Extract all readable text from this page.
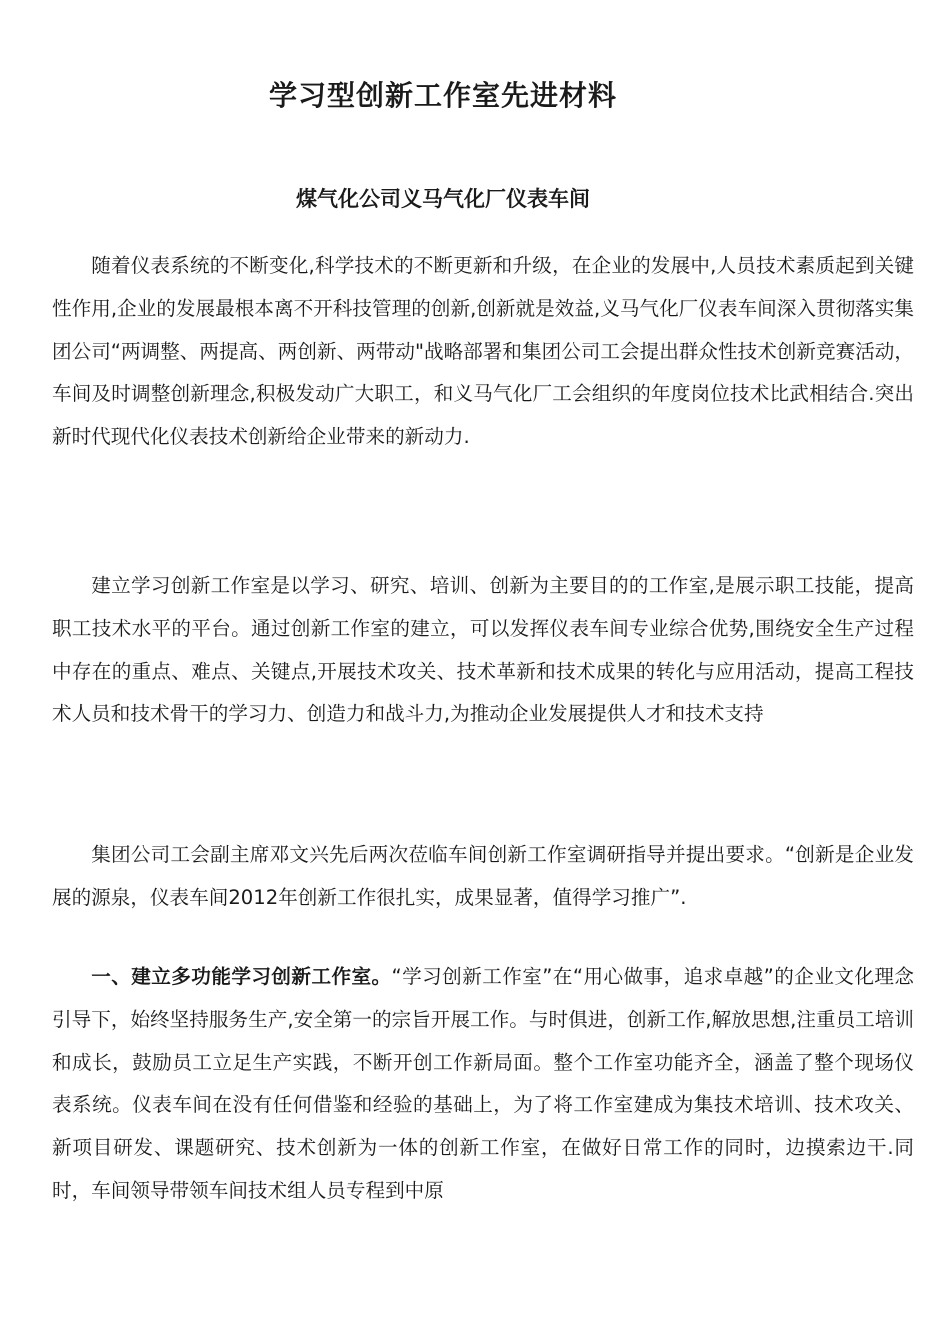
学习型创新工作室先进材料
煤气化公司义马气化厂仪表车间

随着仪表系统的不断变化,科学技术的不断更新和升级，在企业的发展中,人员技术素质起到关键性作用,企业的发展最根本离不开科技管理的创新,创新就是效益,义马气化厂仪表车间深入贯彻落实集团公司“两调整、两提高、两创新、两带动"战略部署和集团公司工会提出群众性技术创新竞赛活动，车间及时调整创新理念,积极发动广大职工，和义马气化厂工会组织的年度岗位技术比武相结合.突出新时代现代化仪表技术创新给企业带来的新动力.

建立学习创新工作室是以学习、研究、培训、创新为主要目的的工作室,是展示职工技能，提高职工技术水平的平台。通过创新工作室的建立，可以发挥仪表车间专业综合优势,围绕安全生产过程中存在的重点、难点、关键点,开展技术攻关、技术革新和技术成果的转化与应用活动，提高工程技术人员和技术骨干的学习力、创造力和战斗力,为推动企业发展提供人才和技术支持

集团公司工会副主席邓文兴先后两次莅临车间创新工作室调研指导并提出要求。“创新是企业发展的源泉，仪表车间2012年创新工作很扎实，成果显著，值得学习推广”.

一、建立多功能学习创新工作室。“学习创新工作室”在“用心做事，追求卓越”的企业文化理念引导下，始终坚持服务生产,安全第一的宗旨开展工作。与时俱进，创新工作,解放思想,注重员工培训和成长，鼓励员工立足生产实践，不断开创工作新局面。整个工作室功能齐全，涵盖了整个现场仪表系统。仪表车间在没有任何借鉴和经验的基础上，为了将工作室建成为集技术培训、技术攻关、新项目研发、课题研究、技术创新为一体的创新工作室，在做好日常工作的同时，边摸索边干.同时，车间领导带领车间技术组人员专程到中原
